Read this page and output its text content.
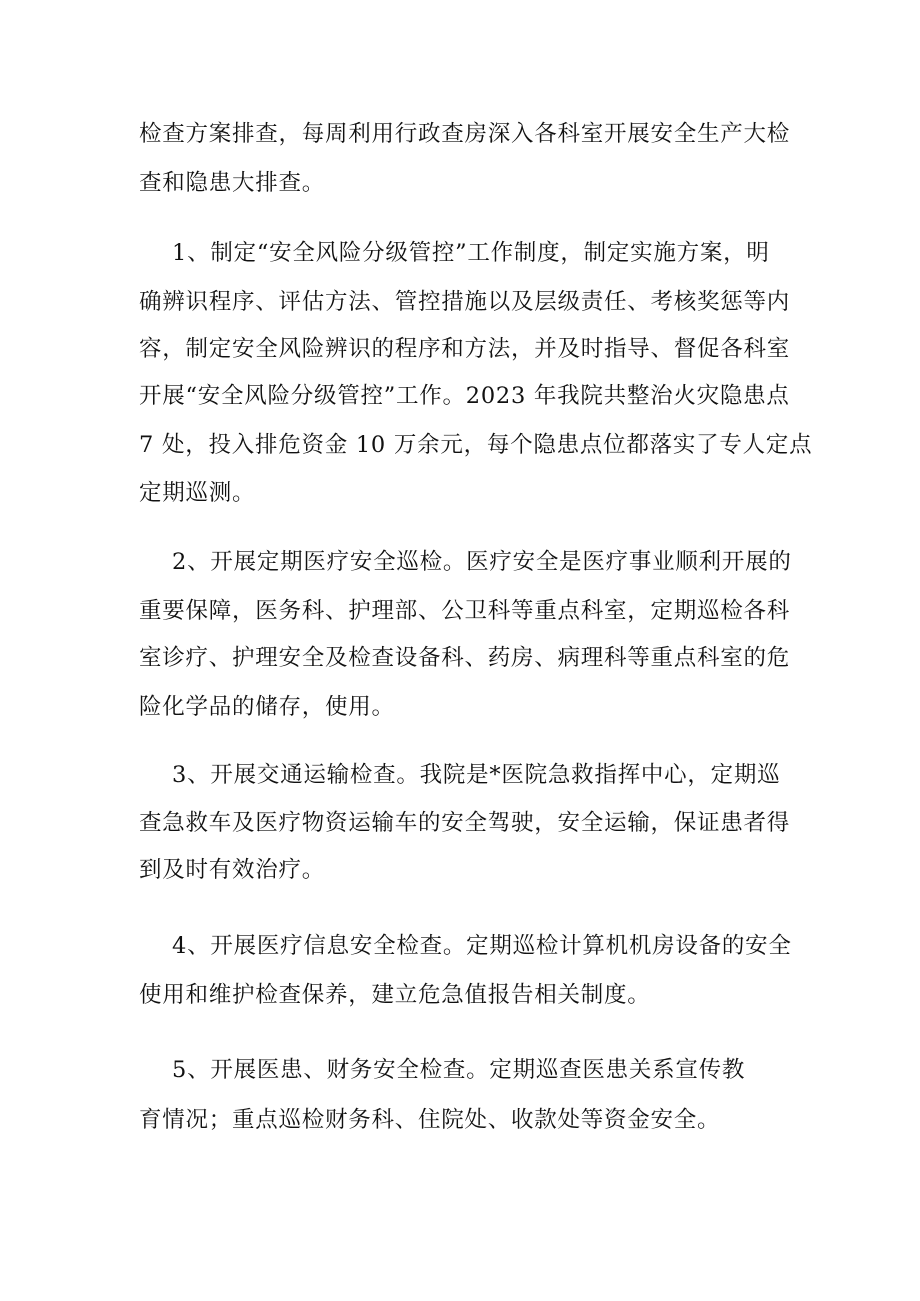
检查方案排查，每周利用行政查房深入各科室开展安全生产大检
查和隐患大排查。
1、制定“安全风险分级管控”工作制度，制定实施方案，明
确辨识程序、评估方法、管控措施以及层级责任、考核奖惩等内
容，制定安全风险辨识的程序和方法，并及时指导、督促各科室
开展“安全风险分级管控”工作。2023 年我院共整治火灾隐患点
7 处，投入排危资金 10 万余元，每个隐患点位都落实了专人定点
定期巡测。
2、开展定期医疗安全巡检。医疗安全是医疗事业顺利开展的
重要保障，医务科、护理部、公卫科等重点科室，定期巡检各科
室诊疗、护理安全及检查设备科、药房、病理科等重点科室的危
险化学品的储存，使用。
3、开展交通运输检查。我院是*医院急救指挥中心，定期巡
查急救车及医疗物资运输车的安全驾驶，安全运输，保证患者得
到及时有效治疗。
4、开展医疗信息安全检查。定期巡检计算机机房设备的安全
使用和维护检查保养，建立危急值报告相关制度。
5、开展医患、财务安全检查。定期巡查医患关系宣传教
育情况；重点巡检财务科、住院处、收款处等资金安全。
